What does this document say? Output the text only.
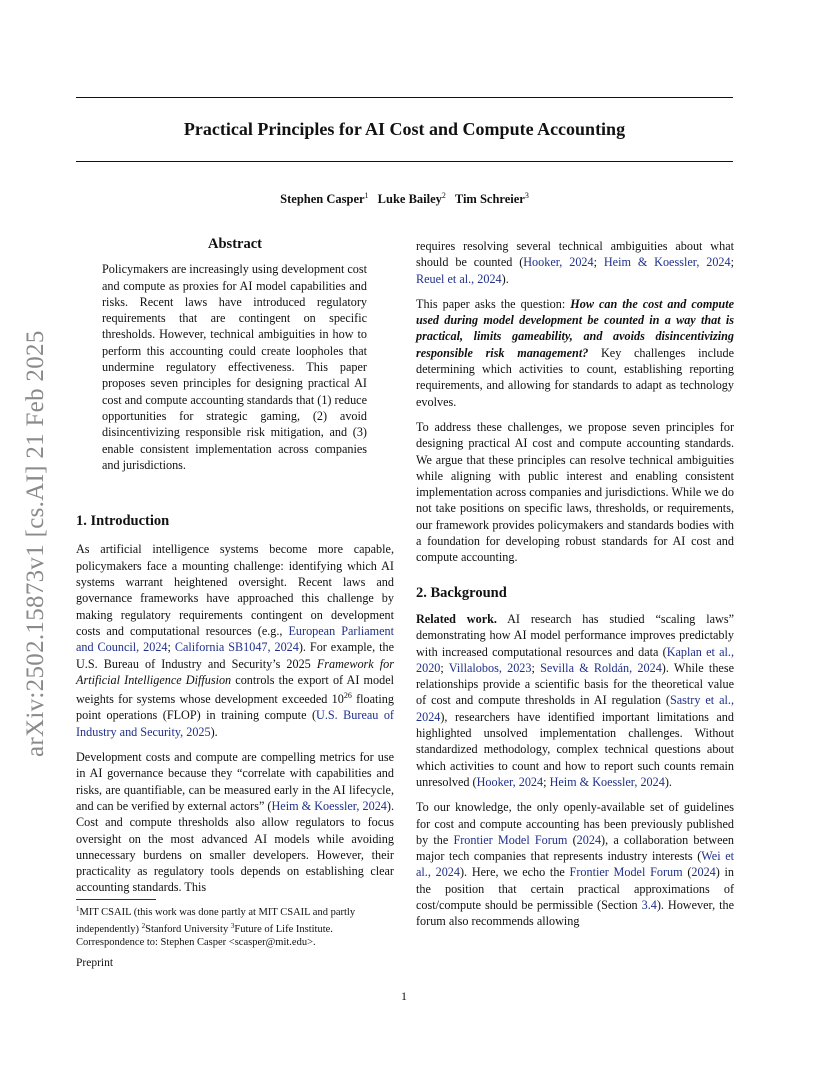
Practical Principles for AI Cost and Compute Accounting
Stephen Casper$^1$ Luke Bailey$^2$ Tim Schreier$^3$
arXiv:2502.15873v1 [cs.AI] 21 Feb 2025
Abstract

Policymakers are increasingly using development cost and compute as proxies for AI model capabilities and risks. Recent laws have introduced regulatory requirements that are contingent on specific thresholds. However, technical ambiguities in how to perform this accounting could create loopholes that undermine regulatory effectiveness. This paper proposes seven principles for designing practical AI cost and compute accounting standards that (1) reduce opportunities for strategic gaming, (2) avoid disincentivizing responsible risk mitigation, and (3) enable consistent implementation across companies and jurisdictions.

1. Introduction

As artificial intelligence systems become more capable, policymakers face a mounting challenge: identifying which AI systems warrant heightened oversight. Recent laws and governance frameworks have approached this challenge by making regulatory requirements contingent on development costs and computational resources (e.g., European Parliament and Council, 2024; California SB1047, 2024). For example, the U.S. Bureau of Industry and Security’s 2025 Framework for Artificial Intelligence Diffusion controls the export of AI model weights for systems whose development exceeded $10^{26}$ floating point operations (FLOP) in training compute (U.S. Bureau of Industry and Security, 2025).

Development costs and compute are compelling metrics for use in AI governance because they “correlate with capabilities and risks, are quantifiable, can be measured early in the AI lifecycle, and can be verified by external actors” (Heim & Koessler, 2024). Cost and compute thresholds also allow regulators to focus oversight on the most advanced AI models while avoiding unnecessary burdens on smaller developers. However, their practicality as regulatory tools depends on establishing clear accounting standards. This

requires resolving several technical ambiguities about what should be counted (Hooker, 2024; Heim & Koessler, 2024; Reuel et al., 2024).

This paper asks the question: How can the cost and compute used during model development be counted in a way that is practical, limits gameability, and avoids disincentivizing responsible risk management? Key challenges include determining which activities to count, establishing reporting requirements, and allowing for standards to adapt as technology evolves.

To address these challenges, we propose seven principles for designing practical AI cost and compute accounting standards. We argue that these principles can resolve technical ambiguities while aligning with public interest and enabling consistent implementation across companies and jurisdictions. While we do not take positions on specific laws, thresholds, or requirements, our framework provides policymakers and standards bodies with a foundation for developing robust standards for AI cost and compute accounting.

2. Background

Related work. AI research has studied “scaling laws” demonstrating how AI model performance improves predictably with increased computational resources and data (Kaplan et al., 2020; Villalobos, 2023; Sevilla & Roldán, 2024). While these relationships provide a scientific basis for the theoretical value of cost and compute thresholds in AI regulation (Sastry et al., 2024), researchers have identified important limitations and highlighted unsolved implementation challenges. Without standardized methodology, complex technical questions about which activities to count and how to report such counts remain unresolved (Hooker, 2024; Heim & Koessler, 2024).

To our knowledge, the only openly-available set of guidelines for cost and compute accounting has been previously published by the Frontier Model Forum (2024), a collaboration between major tech companies that represents industry interests (Wei et al., 2024). Here, we echo the Frontier Model Forum (2024) in the position that certain practical approximations of cost/compute should be permissible (Section 3.4). However, the forum also recommends allowing

$^1$MIT CSAIL (this work was done partly at MIT CSAIL and partly independently) $^2$Stanford University $^3$Future of Life Institute. Correspondence to: Stephen Casper <scasper@mit.edu>.
Preprint
1
